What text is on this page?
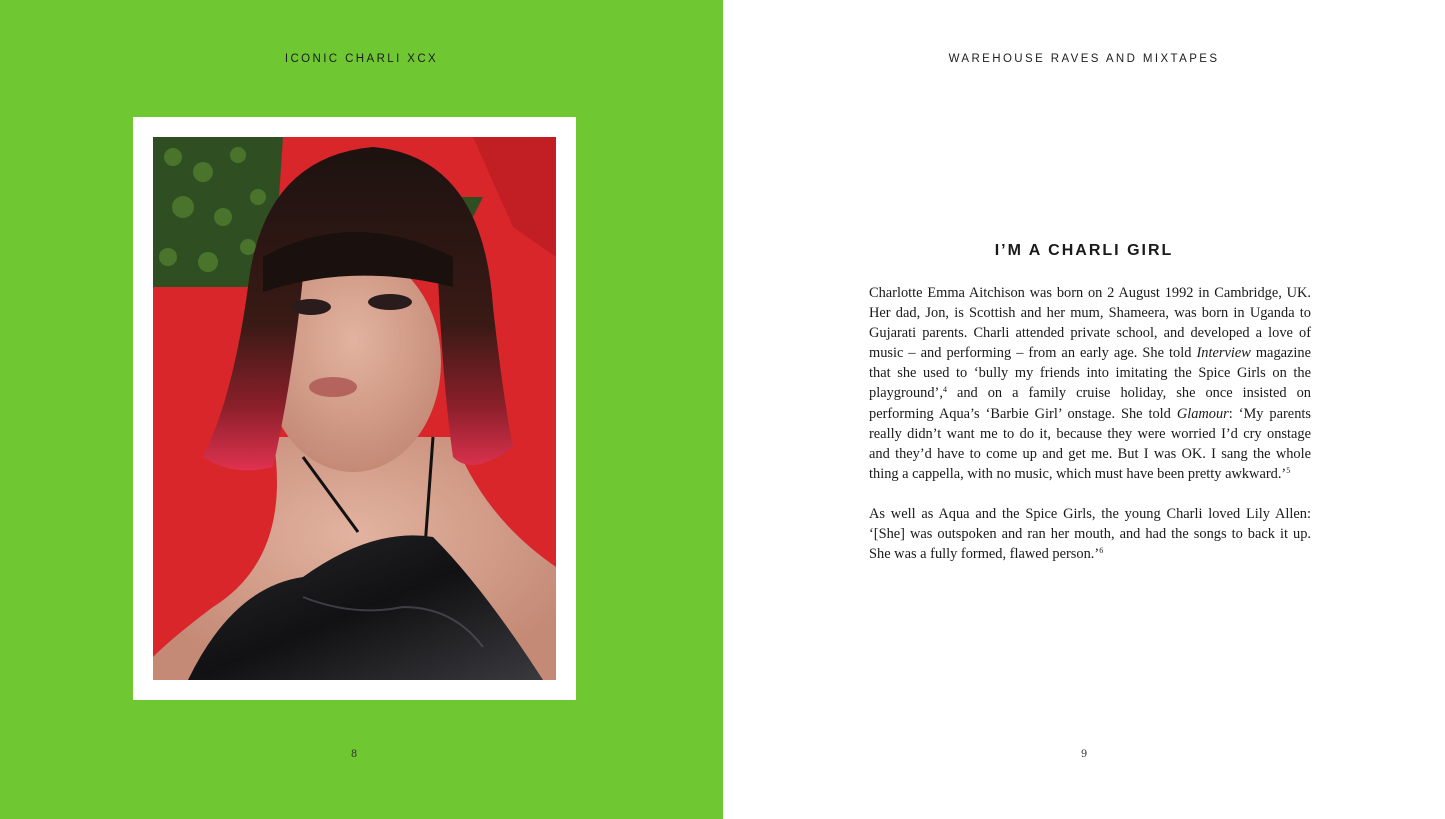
ICONIC CHARLI XCX
8
WAREHOUSE RAVES AND MIXTAPES
I’M A CHARLI GIRL

Charlotte Emma Aitchison was born on 2 August 1992 in Cambridge, UK. Her dad, Jon, is Scottish and her mum, Shameera, was born in Uganda to Gujarati parents. Charli attended private school, and developed a love of music – and performing – from an early age. She told Interview magazine that she used to ‘bully my friends into imitating the Spice Girls on the playground’,$^4$ and on a family cruise holiday, she once insisted on performing Aqua’s ‘Barbie Girl’ onstage. She told Glamour: ‘My parents really didn’t want me to do it, because they were worried I’d cry onstage and they’d have to come up and get me. But I was OK. I sang the whole thing a cappella, with no music, which must have been pretty awkward.’$^5$

As well as Aqua and the Spice Girls, the young Charli loved Lily Allen: ‘[She] was outspoken and ran her mouth, and had the songs to back it up. She was a fully formed, flawed person.’$^6$

9
